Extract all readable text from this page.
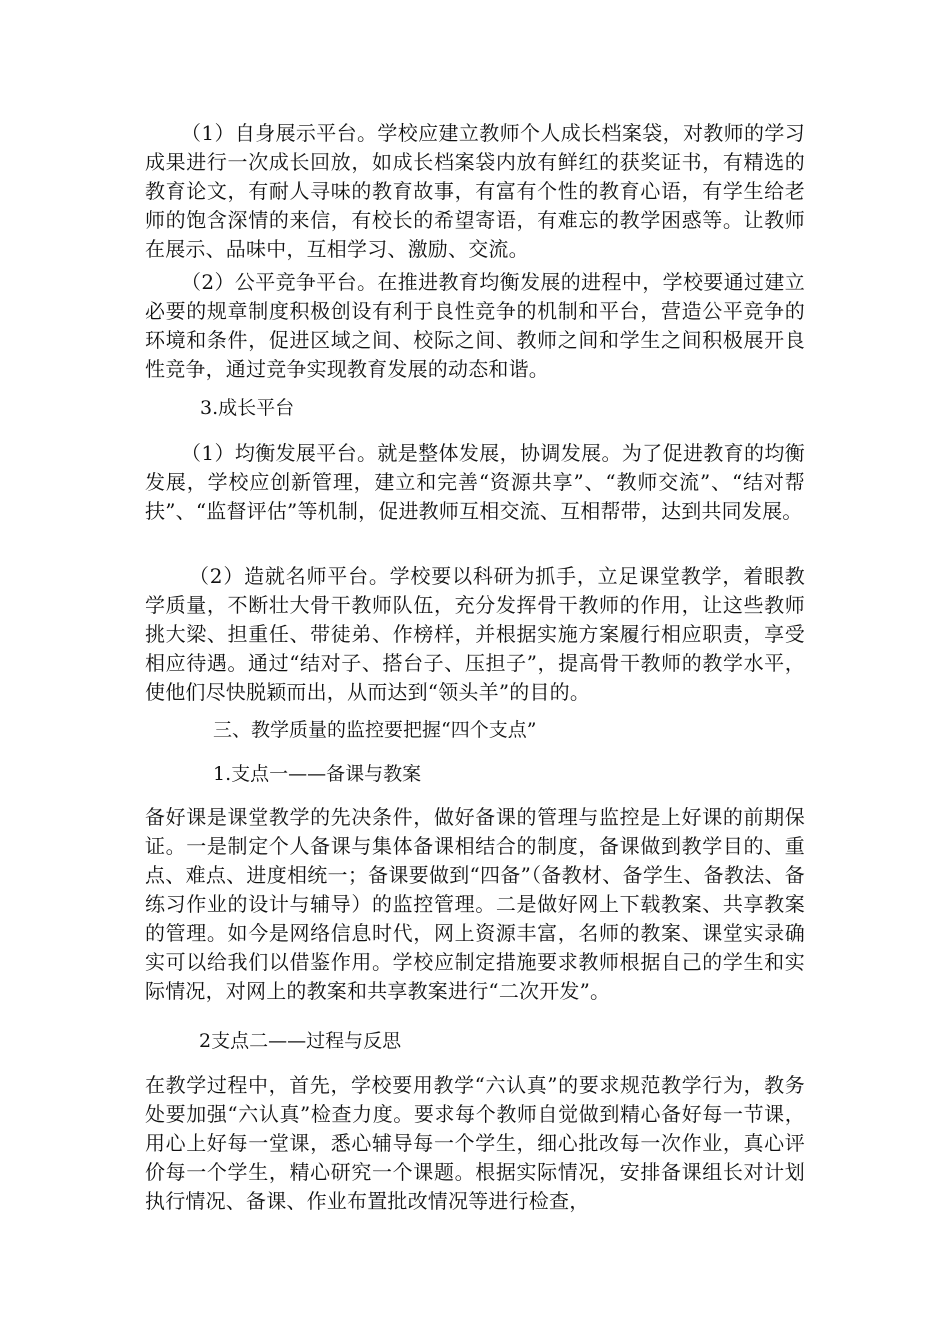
（1）自身展示平台。学校应建立教师个人成长档案袋，对教师的学习成果进行一次成长回放，如成长档案袋内放有鲜红的获奖证书，有精选的教育论文，有耐人寻味的教育故事，有富有个性的教育心语，有学生给老师的饱含深情的来信，有校长的希望寄语，有难忘的教学困惑等。让教师在展示、品味中，互相学习、激励、交流。

（2）公平竞争平台。在推进教育均衡发展的进程中，学校要通过建立必要的规章制度积极创设有利于良性竞争的机制和平台，营造公平竞争的环境和条件，促进区域之间、校际之间、教师之间和学生之间积极展开良性竞争，通过竞争实现教育发展的动态和谐。

3.成长平台

（1）均衡发展平台。就是整体发展，协调发展。为了促进教育的均衡发展，学校应创新管理，建立和完善“资源共享”、“教师交流”、“结对帮扶”、“监督评估”等机制，促进教师互相交流、互相帮带，达到共同发展。

（2）造就名师平台。学校要以科研为抓手，立足课堂教学，着眼教学质量，不断壮大骨干教师队伍，充分发挥骨干教师的作用，让这些教师挑大梁、担重任、带徒弟、作榜样，并根据实施方案履行相应职责，享受相应待遇。通过“结对子、搭台子、压担子”，提高骨干教师的教学水平，使他们尽快脱颖而出，从而达到“领头羊”的目的。

三、教学质量的监控要把握“四个支点”

1.支点一——备课与教案

备好课是课堂教学的先决条件，做好备课的管理与监控是上好课的前期保证。一是制定个人备课与集体备课相结合的制度，备课做到教学目的、重点、难点、进度相统一；备课要做到“四备”（备教材、备学生、备教法、备练习作业的设计与辅导）的监控管理。二是做好网上下载教案、共享教案的管理。如今是网络信息时代，网上资源丰富，名师的教案、课堂实录确实可以给我们以借鉴作用。学校应制定措施要求教师根据自己的学生和实际情况，对网上的教案和共享教案进行“二次开发”。

2支点二——过程与反思

在教学过程中，首先，学校要用教学“六认真”的要求规范教学行为，教务处要加强“六认真”检查力度。要求每个教师自觉做到精心备好每一节课，用心上好每一堂课，悉心辅导每一个学生，细心批改每一次作业，真心评价每一个学生，精心研究一个课题。根据实际情况，安排备课组长对计划执行情况、备课、作业布置批改情况等进行检查，
